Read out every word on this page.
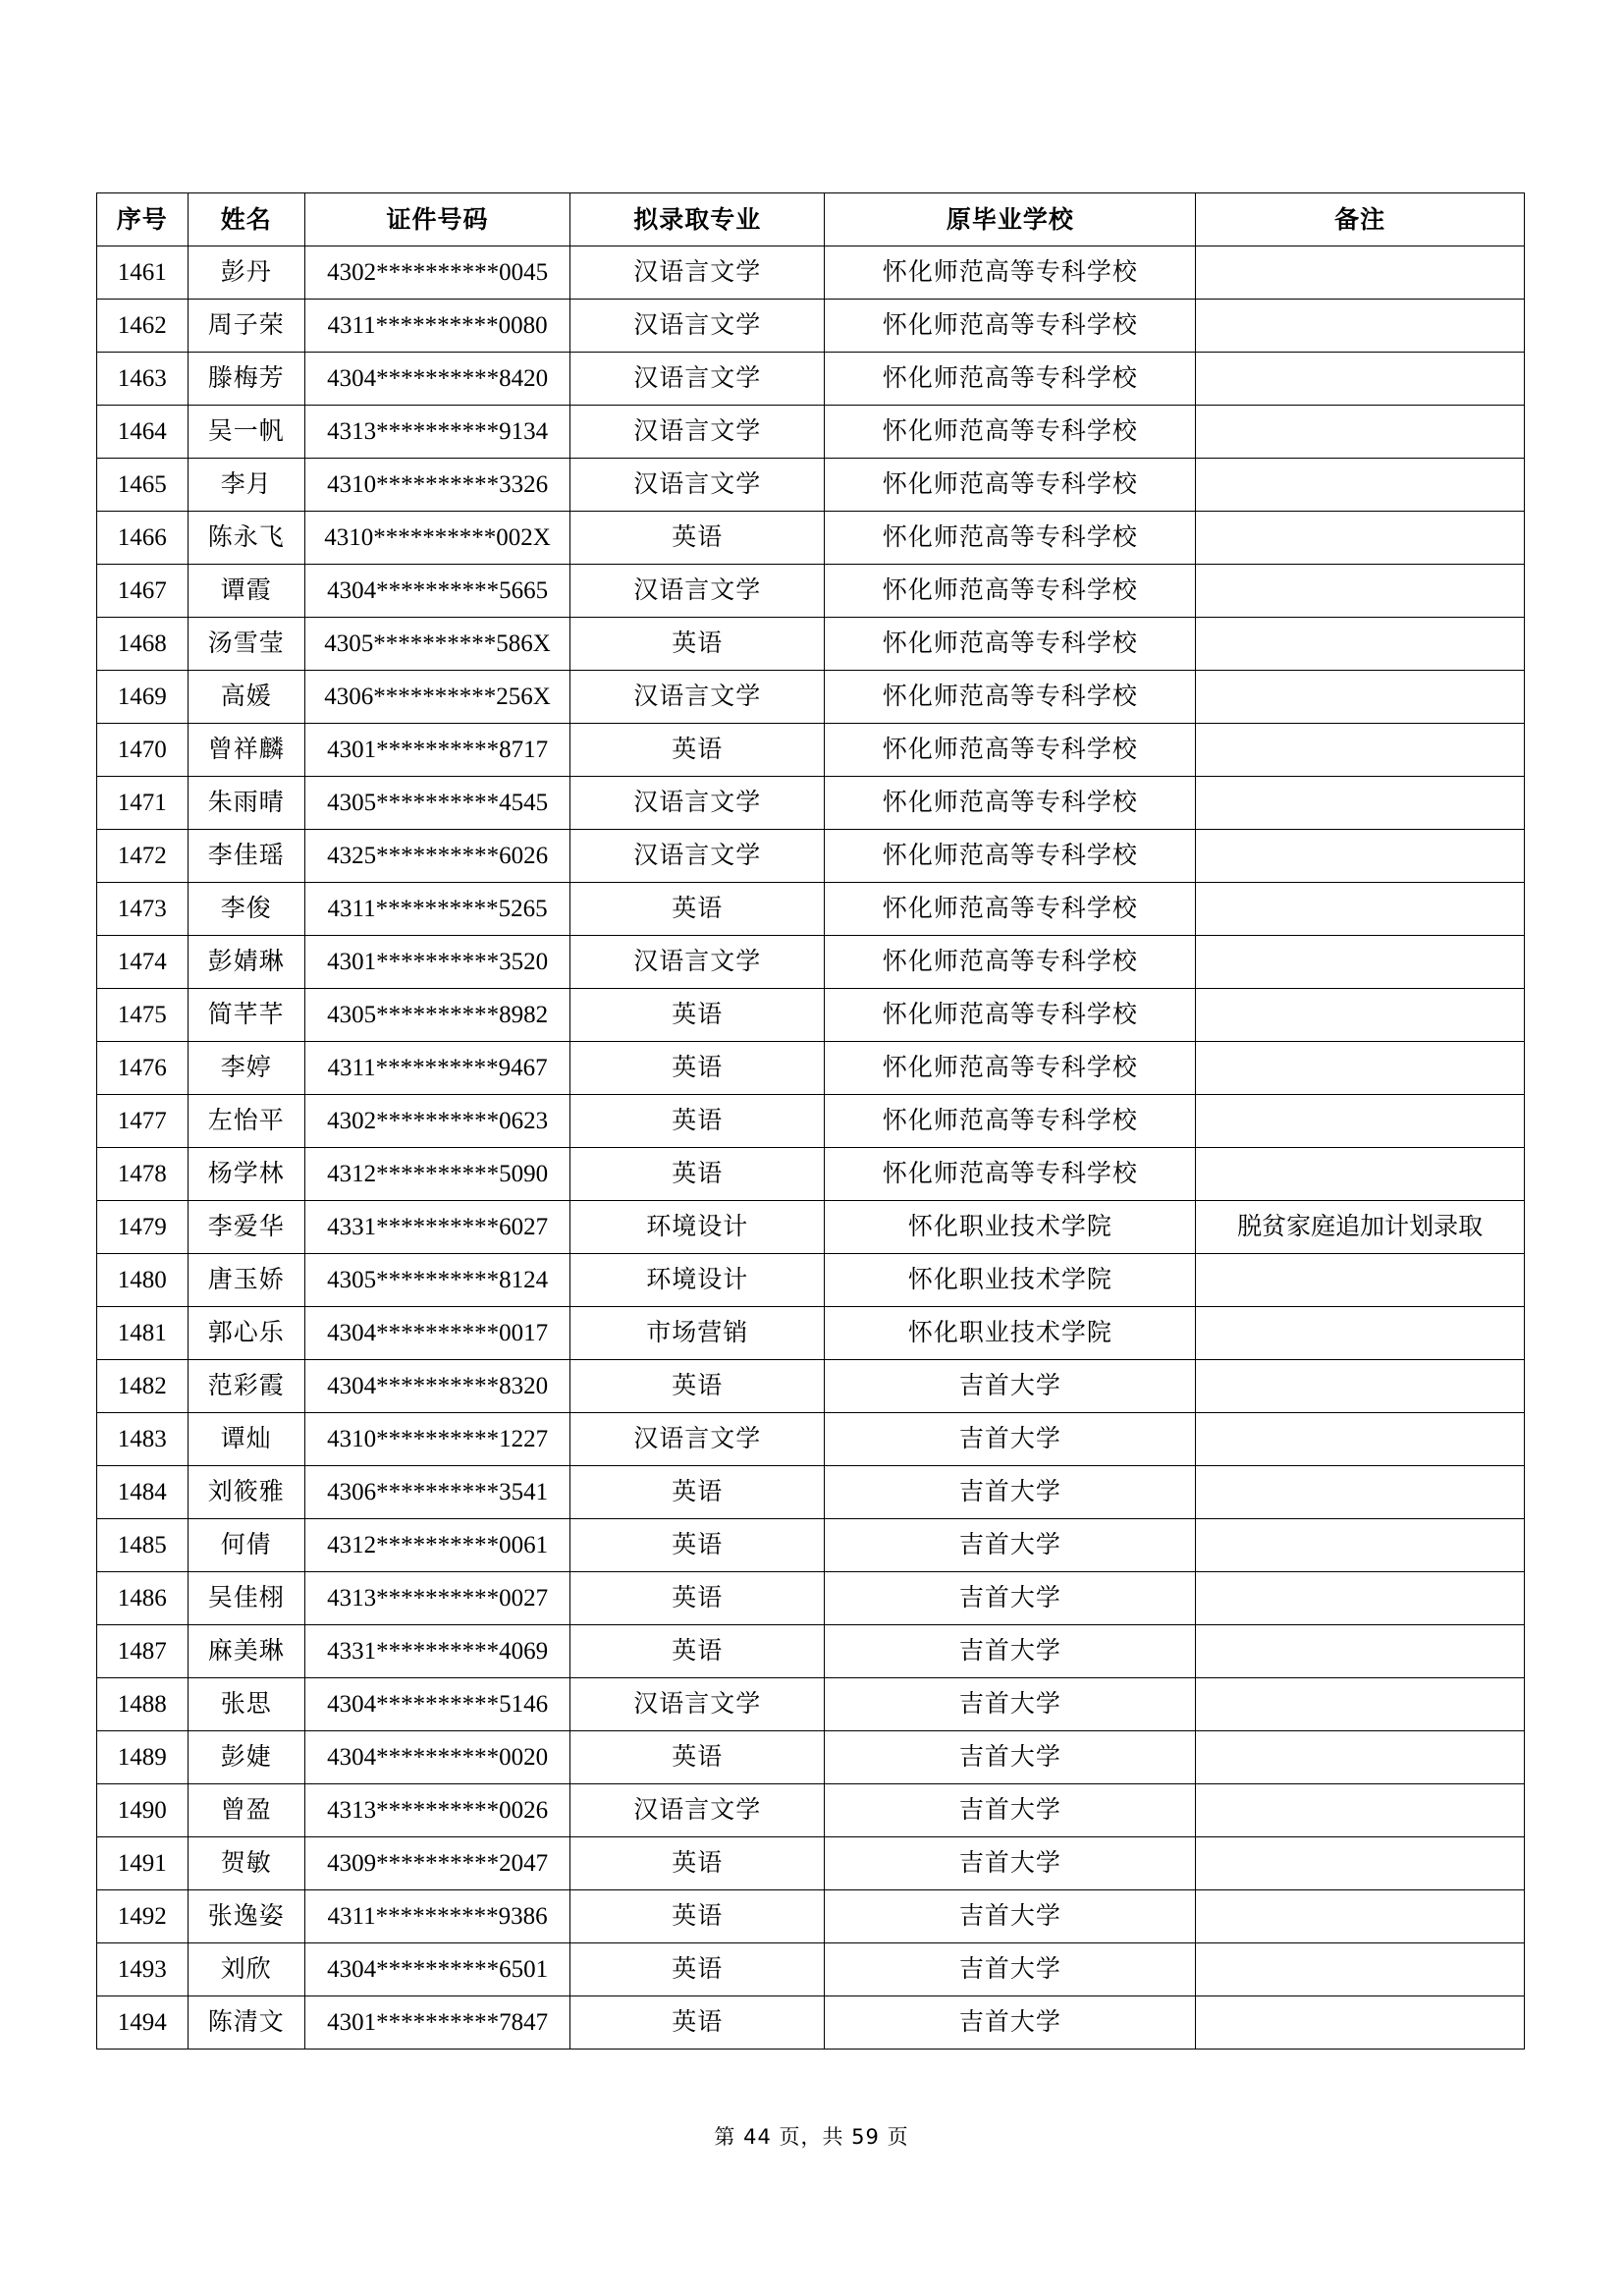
序号	姓名	证件号码	拟录取专业	原毕业学校	备注
1461	彭丹	4302**********0045	汉语言文学	怀化师范高等专科学校	
1462	周子荣	4311**********0080	汉语言文学	怀化师范高等专科学校	
1463	滕梅芳	4304**********8420	汉语言文学	怀化师范高等专科学校	
1464	吴一帆	4313**********9134	汉语言文学	怀化师范高等专科学校	
1465	李月	4310**********3326	汉语言文学	怀化师范高等专科学校	
1466	陈永飞	4310**********002X	英语	怀化师范高等专科学校	
1467	谭霞	4304**********5665	汉语言文学	怀化师范高等专科学校	
1468	汤雪莹	4305**********586X	英语	怀化师范高等专科学校	
1469	高媛	4306**********256X	汉语言文学	怀化师范高等专科学校	
1470	曾祥麟	4301**********8717	英语	怀化师范高等专科学校	
1471	朱雨晴	4305**********4545	汉语言文学	怀化师范高等专科学校	
1472	李佳瑶	4325**********6026	汉语言文学	怀化师范高等专科学校	
1473	李俊	4311**********5265	英语	怀化师范高等专科学校	
1474	彭婧琳	4301**********3520	汉语言文学	怀化师范高等专科学校	
1475	简芊芊	4305**********8982	英语	怀化师范高等专科学校	
1476	李婷	4311**********9467	英语	怀化师范高等专科学校	
1477	左怡平	4302**********0623	英语	怀化师范高等专科学校	
1478	杨学林	4312**********5090	英语	怀化师范高等专科学校	
1479	李爱华	4331**********6027	环境设计	怀化职业技术学院	脱贫家庭追加计划录取
1480	唐玉娇	4305**********8124	环境设计	怀化职业技术学院	
1481	郭心乐	4304**********0017	市场营销	怀化职业技术学院	
1482	范彩霞	4304**********8320	英语	吉首大学	
1483	谭灿	4310**********1227	汉语言文学	吉首大学	
1484	刘筱雅	4306**********3541	英语	吉首大学	
1485	何倩	4312**********0061	英语	吉首大学	
1486	吴佳栩	4313**********0027	英语	吉首大学	
1487	麻美琳	4331**********4069	英语	吉首大学	
1488	张思	4304**********5146	汉语言文学	吉首大学	
1489	彭婕	4304**********0020	英语	吉首大学	
1490	曾盈	4313**********0026	汉语言文学	吉首大学	
1491	贺敏	4309**********2047	英语	吉首大学	
1492	张逸姿	4311**********9386	英语	吉首大学	
1493	刘欣	4304**********6501	英语	吉首大学	
1494	陈清文	4301**********7847	英语	吉首大学	
第 44 页，共 59 页
